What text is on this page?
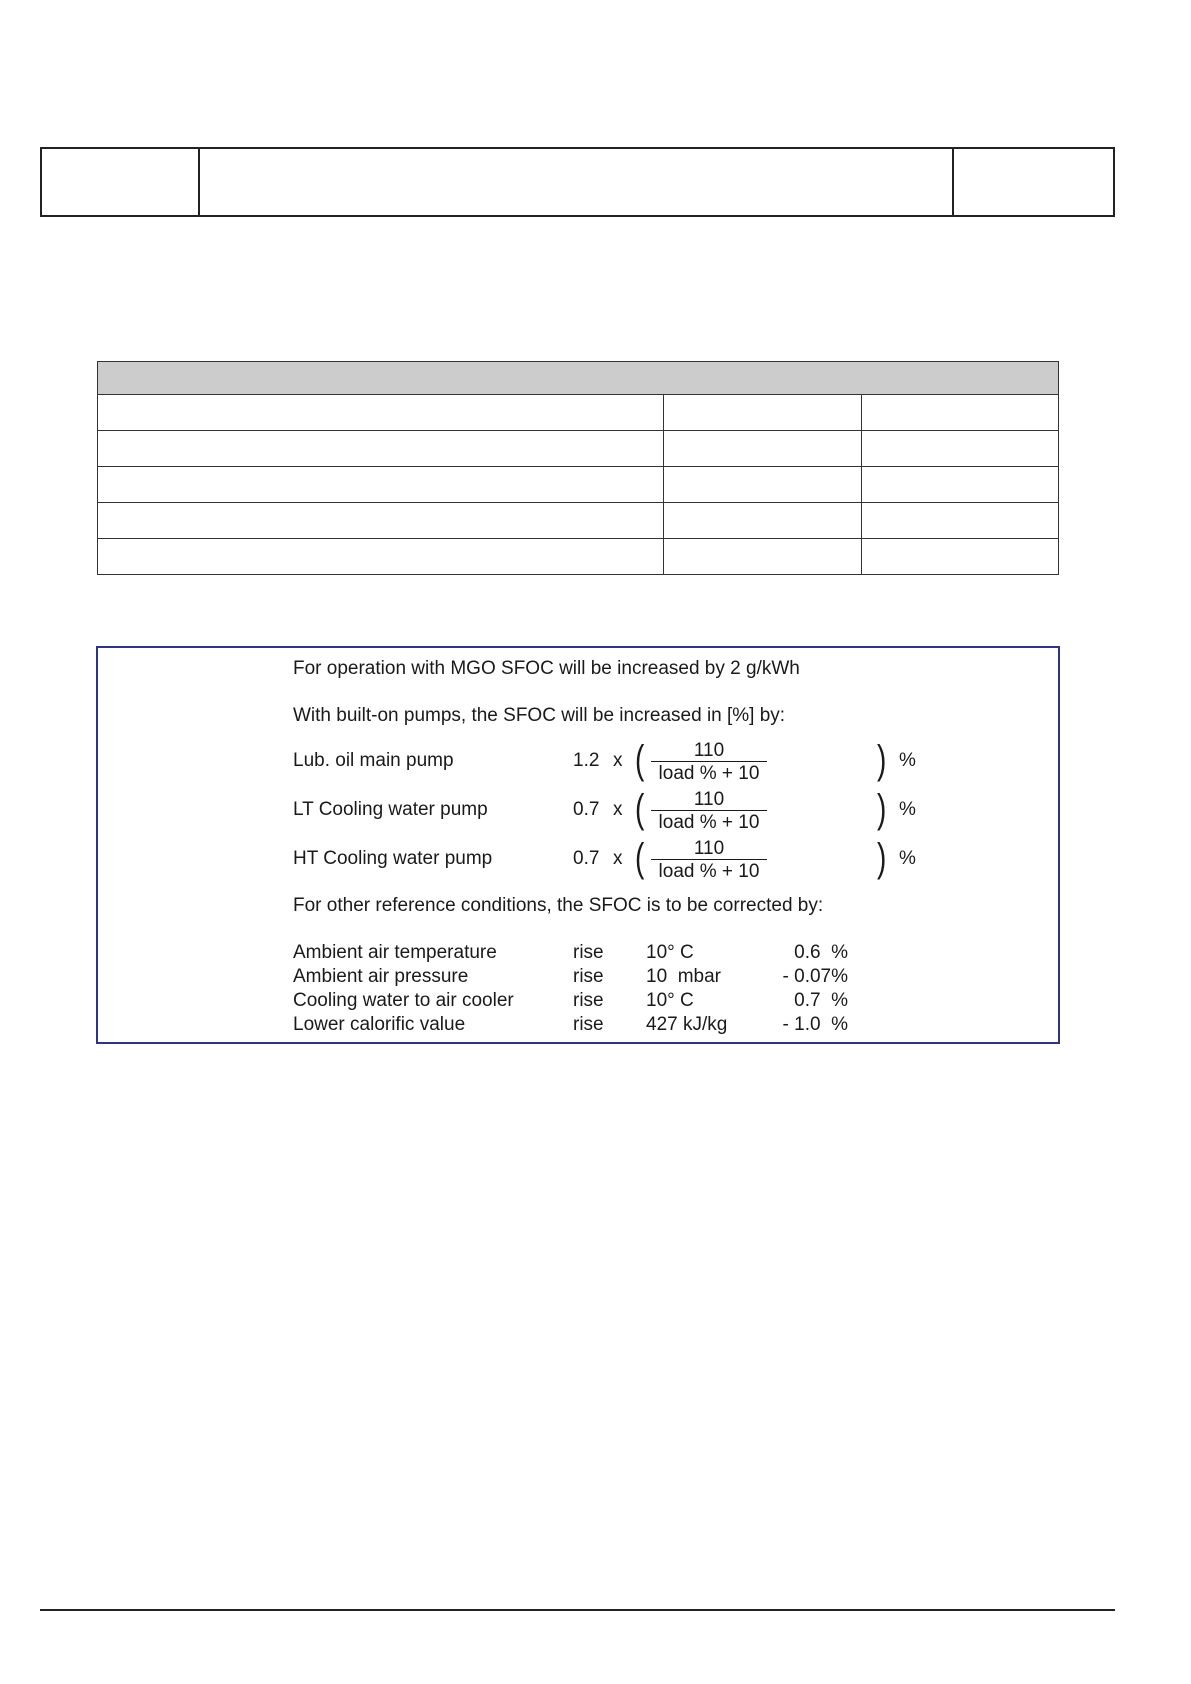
For operation with MGO SFOC will be increased by 2 g/kWh
With built-on pumps, the SFOC will be increased in [%] by:
Lub. oil main pump	1.2 x (	110
load % + 10	) %
LT Cooling water pump	0.7 x (	110
load % + 10	) %
HT Cooling water pump	0.7 x (	110
load % + 10	) %
For other reference conditions, the SFOC is to be corrected by:
Ambient air temperature	rise 10° C	0.6  %
Ambient air pressure	rise 10  mbar	- 0.07%
Cooling water to air cooler	rise 10° C	0.7  %
Lower calorific value	rise 427 kJ/kg	- 1.0  %
